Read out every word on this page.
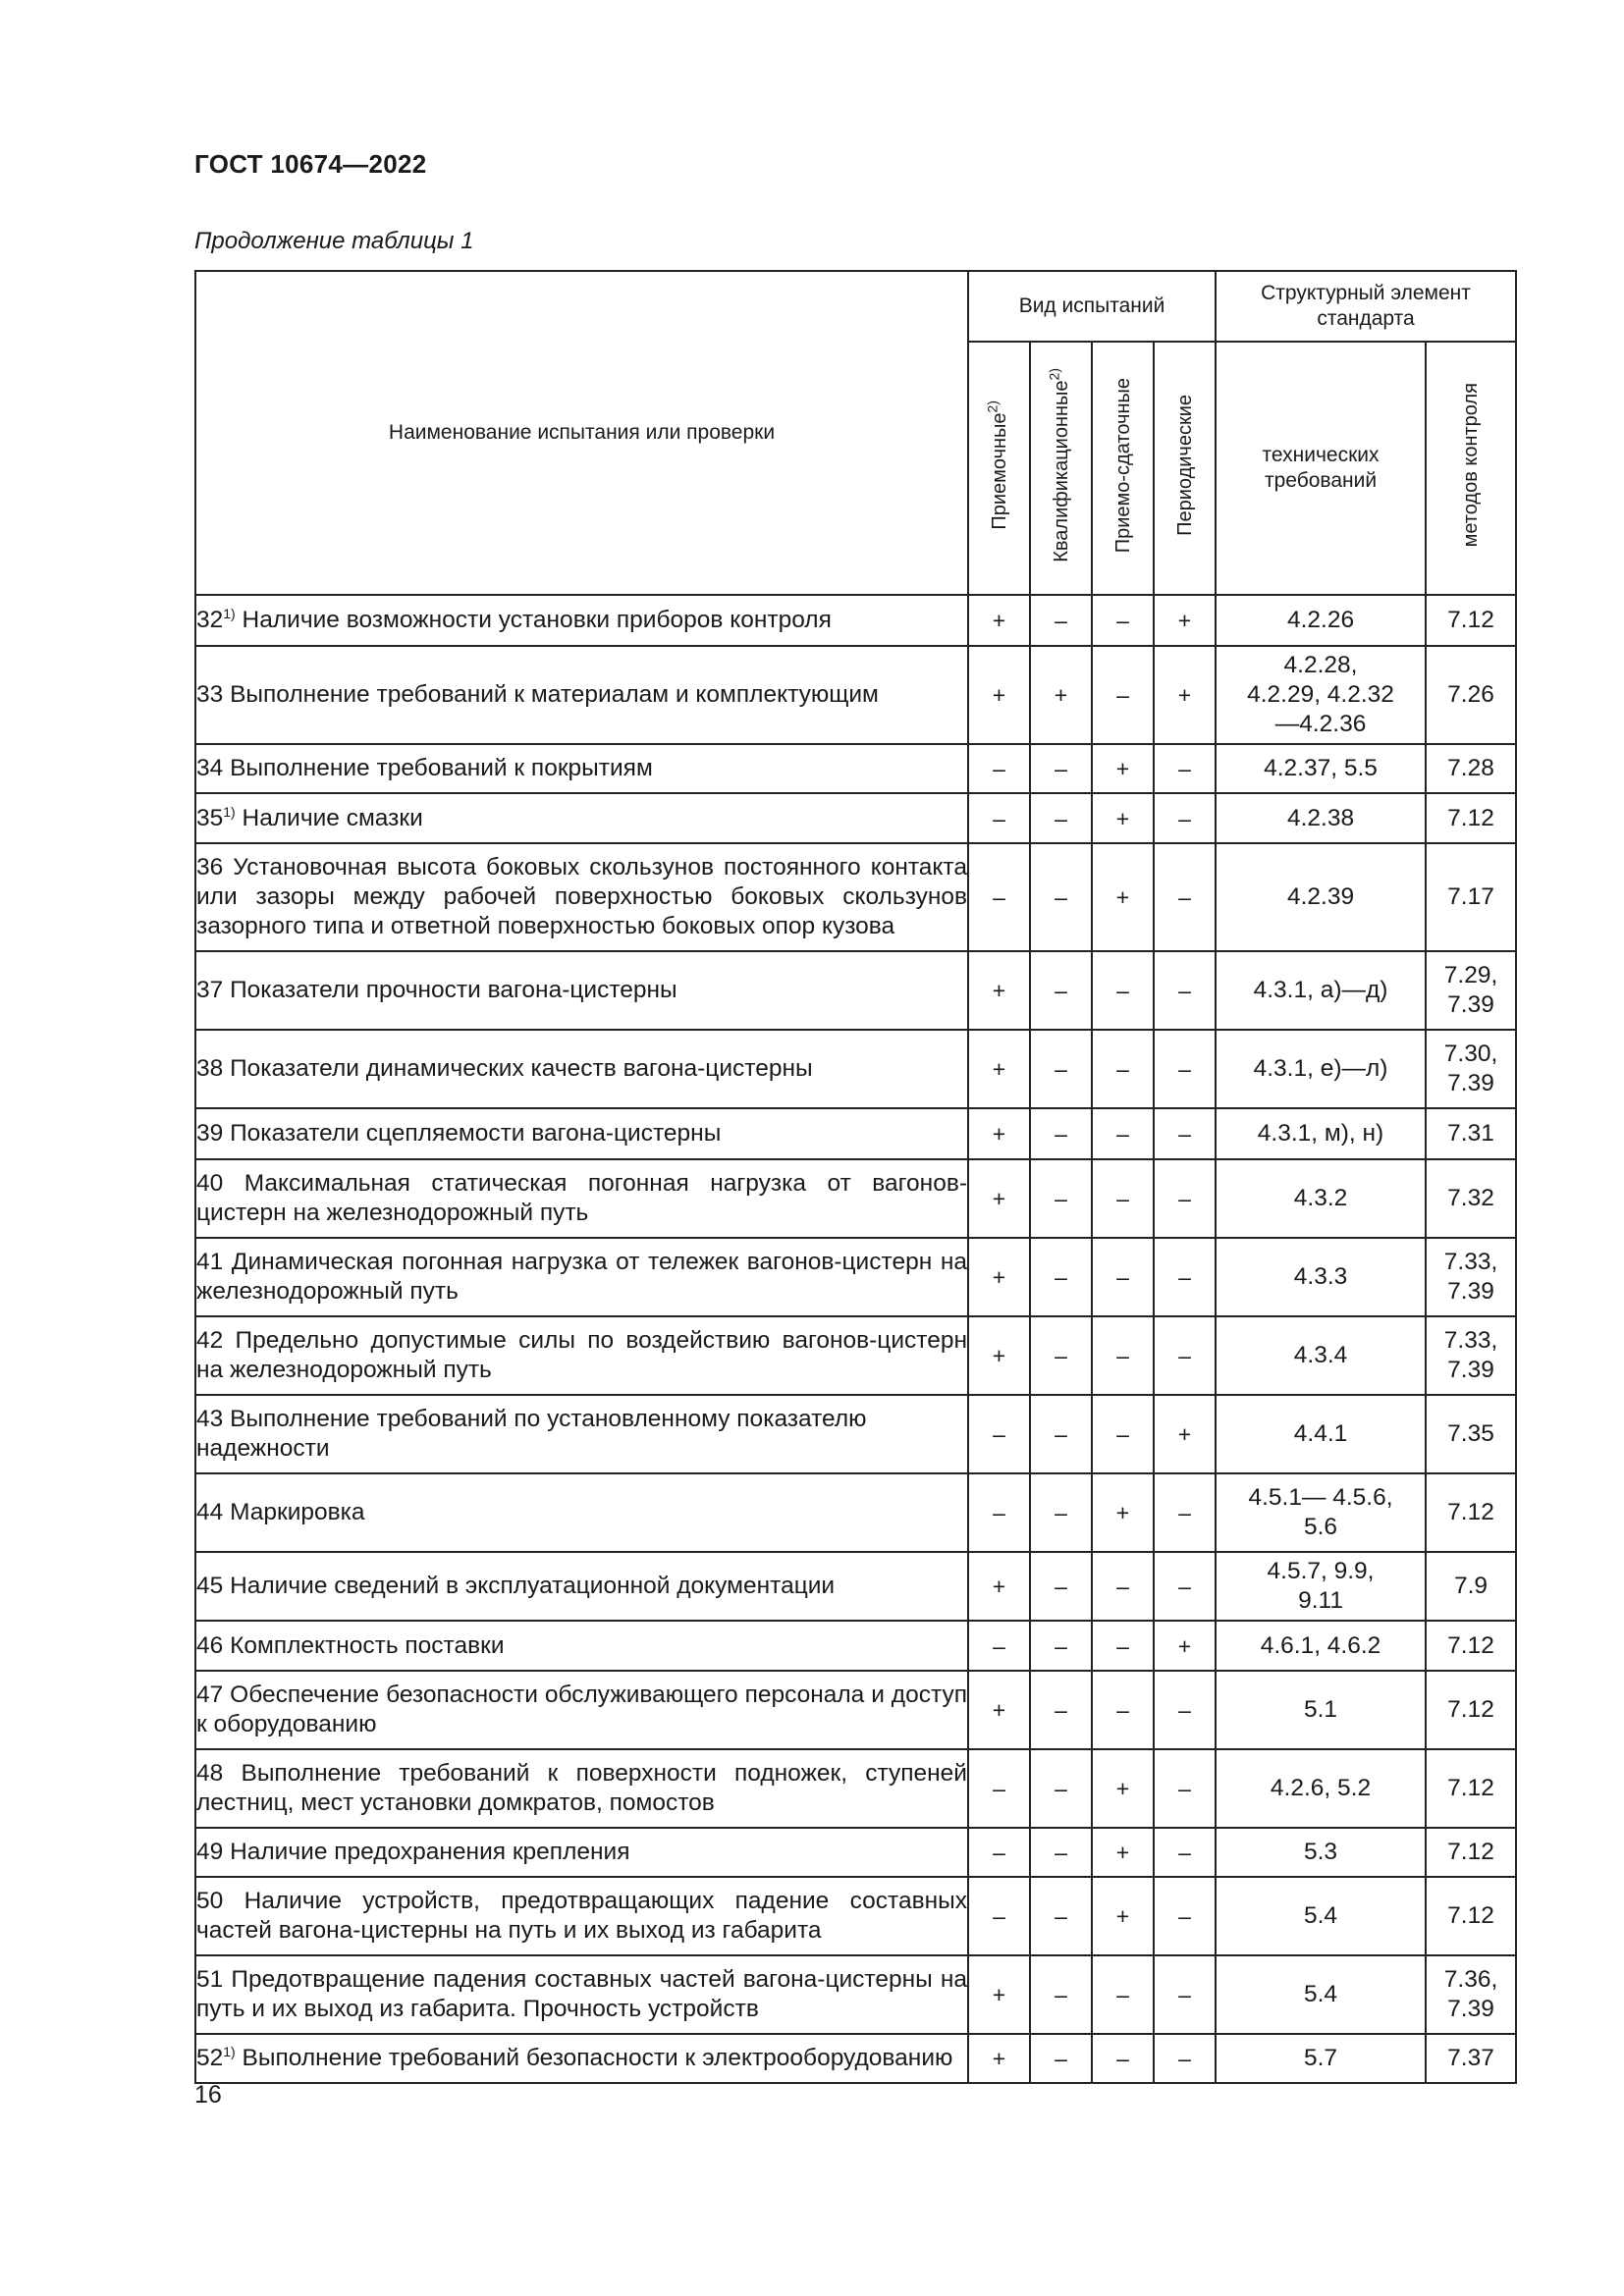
ГОСТ 10674—2022
Продолжение таблицы 1
Наименование испытания или проверки	Вид испытаний				Структурный элемент стандарта	
	Приемочные$^{2)}$	Квалификационные$^{2)}$	Приемо-сдаточные	Периодические	технических требований	методов контроля
32$^{1)}$ Наличие возможности установки приборов контроля	+	–	–	+	4.2.26	7.12
33 Выполнение требований к материалам и комплектующим	+	+	–	+	4.2.28, 4.2.29, 4.2.32—4.2.36	7.26
34 Выполнение требований к покрытиям	–	–	+	–	4.2.37, 5.5	7.28
35$^{1)}$ Наличие смазки	–	–	+	–	4.2.38	7.12
36 Установочная высота боковых скользунов постоянного контакта или зазоры между рабочей поверхностью боковых скользунов зазорного типа и ответной поверхностью боковых опор кузова	–	–	+	–	4.2.39	7.17
37 Показатели прочности вагона-цистерны	+	–	–	–	4.3.1, а)—д)	7.29, 7.39
38 Показатели динамических качеств вагона-цистерны	+	–	–	–	4.3.1, е)—л)	7.30, 7.39
39 Показатели сцепляемости вагона-цистерны	+	–	–	–	4.3.1, м), н)	7.31
40 Максимальная статическая погонная нагрузка от вагонов-цистерн на железнодорожный путь	+	–	–	–	4.3.2	7.32
41 Динамическая погонная нагрузка от тележек вагонов-цистерн на железнодорожный путь	+	–	–	–	4.3.3	7.33, 7.39
42 Предельно допустимые силы по воздействию вагонов-цистерн на железнодорожный путь	+	–	–	–	4.3.4	7.33, 7.39
43 Выполнение требований по установленному показателю надежности	–	–	–	+	4.4.1	7.35
44 Маркировка	–	–	+	–	4.5.1— 4.5.6, 5.6	7.12
45 Наличие сведений в эксплуатационной документации	+	–	–	–	4.5.7, 9.9, 9.11	7.9
46 Комплектность поставки	–	–	–	+	4.6.1, 4.6.2	7.12
47 Обеспечение безопасности обслуживающего персонала и доступ к оборудованию	+	–	–	–	5.1	7.12
48 Выполнение требований к поверхности подножек, ступеней лестниц, мест установки домкратов, помостов	–	–	+	–	4.2.6, 5.2	7.12
49 Наличие предохранения крепления	–	–	+	–	5.3	7.12
50 Наличие устройств, предотвращающих падение составных частей вагона-цистерны на путь и их выход из габарита	–	–	+	–	5.4	7.12
51 Предотвращение падения составных частей вагона-цистерны на путь и их выход из габарита. Прочность устройств	+	–	–	–	5.4	7.36, 7.39
52$^{1)}$ Выполнение требований безопасности к электрооборудованию	+	–	–	–	5.7	7.37
16
